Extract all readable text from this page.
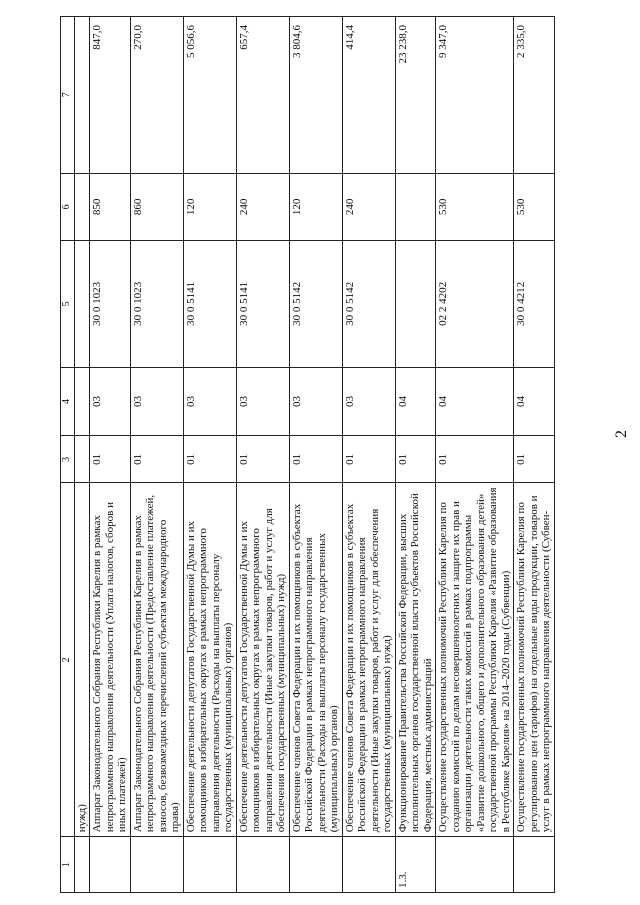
2
1	2	3	4	5	6	7
	нужд)					
	Аппарат Законодательного Собрания Республики Карелия в рамках непрограммного направления деятельности (Уплата налогов, сборов и иных платежей)	01	03	30 0 1023	850	847,0
	Аппарат Законодательного Собрания Республики Карелия в рамках непрограммного направления деятельности (Предоставление платежей, взносов, безвозмездных перечислений субъектам международного права)	01	03	30 0 1023	860	270,0
	Обеспечение деятельности депутатов Государственной Думы и их помощников в избирательных округах в рамках непрограммного направления деятельности (Расходы на выплаты персоналу государственных (муниципальных) органов)	01	03	30 0 5141	120	5 056,6
	Обеспечение деятельности депутатов Государственной Думы и их помощников в избирательных округах в рамках непрограммного направления деятельности (Иные закупки товаров, работ и услуг для обеспечения государственных (муниципальных) нужд)	01	03	30 0 5141	240	657,4
	Обеспечение членов Совета Федерации и их помощников в субъектах Российской Федерации в рамках непрограммного направления деятельности (Расходы на выплаты персоналу государственных (муниципальных) органов)	01	03	30 0 5142	120	3 804,6
	Обеспечение членов Совета Федерации и их помощников в субъектах Российской Федерации в рамках непрограммного направления деятельности (Иные закупки товаров, работ и услуг для обеспечения государственных (муниципальных) нужд)	01	03	30 0 5142	240	414,4
1.3.	Функционирование Правительства Российской Федерации, высших исполнительных органов государственной власти субъектов Российской Федерации, местных администраций	01	04			23 238,0
	Осуществление государственных полномочий Республики Карелия по созданию комиссий по делам несовершеннолетних и защите их прав и организации деятельности таких комиссий в рамках подпрограммы «Развитие дошкольного, общего и дополнительного образования детей» государственной программы Республики Карелия «Развитие образования в Республике Карелия» на 2014–2020 годы (Субвенции)	01	04	02 2 4202	530	9 347,0
	Осуществление государственных полномочий Республики Карелия по регулированию цен (тарифов) на отдельные виды продукции, товаров и услуг в рамках непрограммного направления деятельности (Субвен-	01	04	30 0 4212	530	2 335,0
